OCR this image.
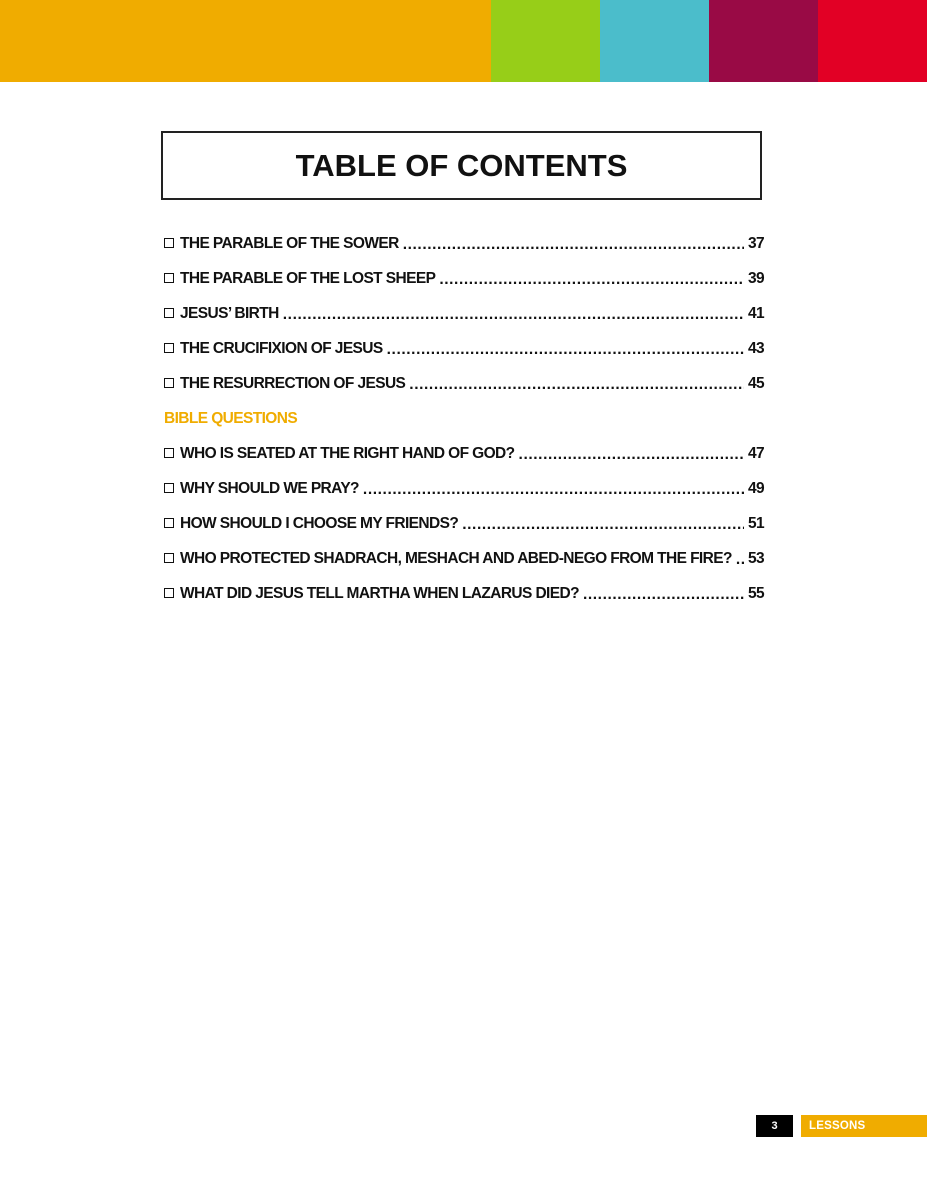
TABLE OF CONTENTS
THE PARABLE OF THE SOWER .....	37
THE PARABLE OF THE LOST SHEEP .....	39
JESUS’ BIRTH .....	41
THE CRUCIFIXION OF JESUS .....	43
THE RESURRECTION OF JESUS .....	45
BIBLE QUESTIONS
WHO IS SEATED AT THE RIGHT HAND OF GOD? .....	47
WHY SHOULD WE PRAY? .....	49
HOW SHOULD I CHOOSE MY FRIENDS? .....	51
WHO PROTECTED SHADRACH, MESHACH AND ABED-NEGO FROM THE FIRE? ..... 53
WHAT DID JESUS TELL MARTHA WHEN LAZARUS DIED? .....	55
3	LESSONS
